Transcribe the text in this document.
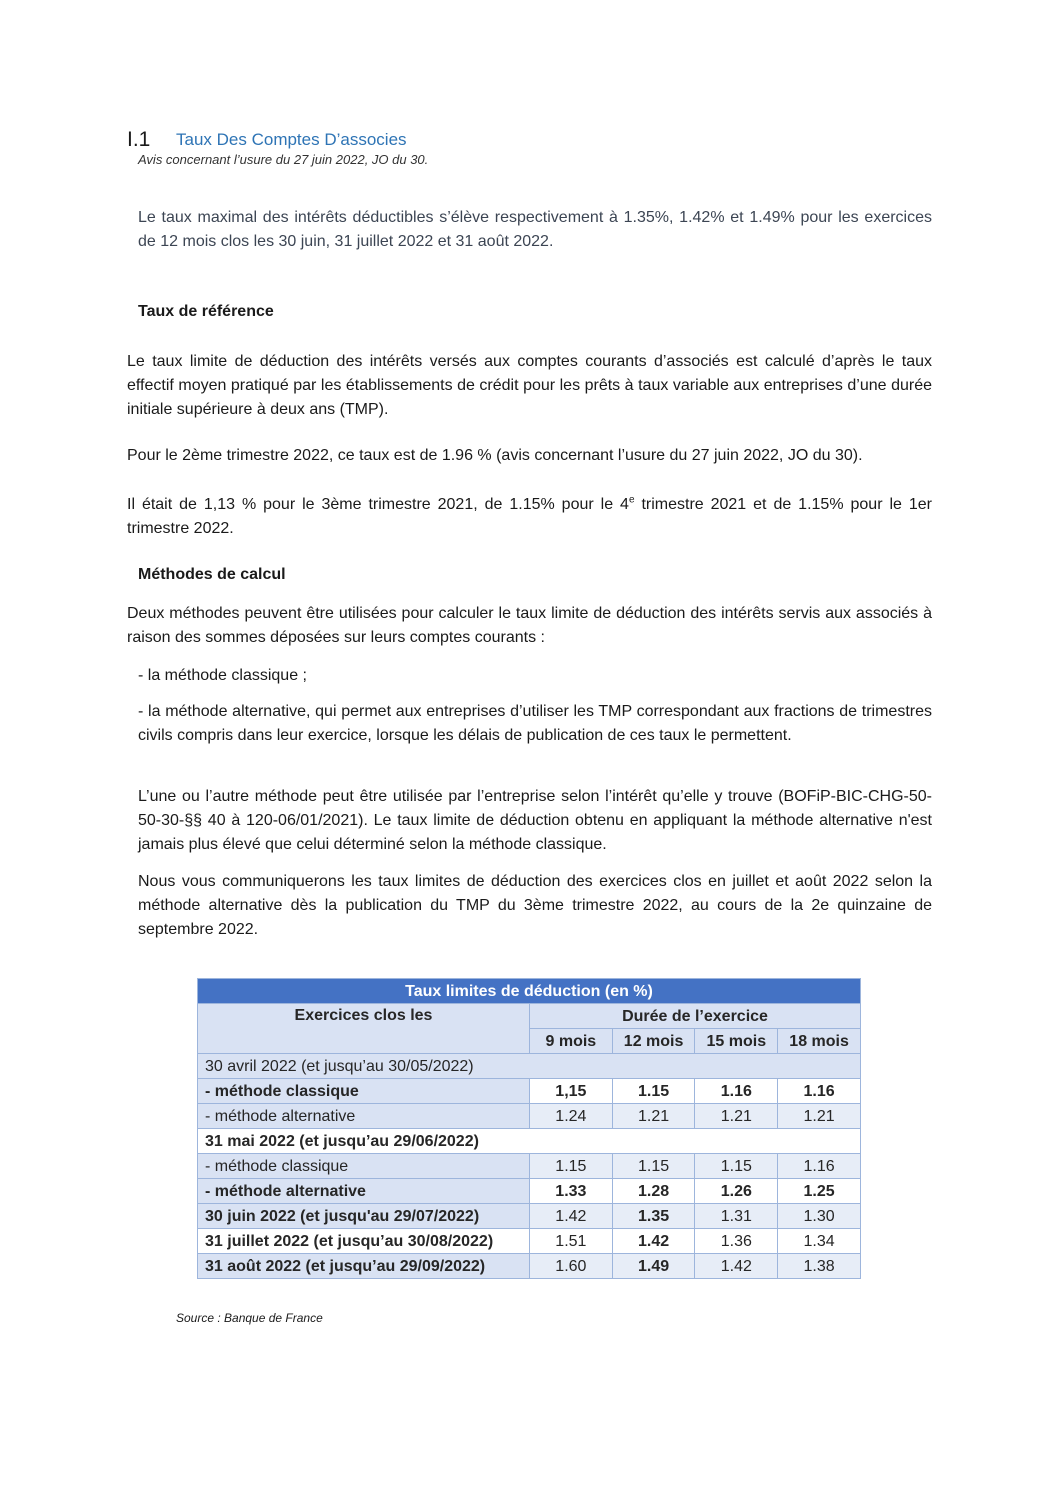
I.1 Taux Des Comptes D’associes
Avis concernant l’usure du 27 juin 2022, JO du 30.

Le taux maximal des intérêts déductibles s’élève respectivement à 1.35%, 1.42% et 1.49% pour les exercices de 12 mois clos les 30 juin, 31 juillet 2022 et 31 août 2022.

Taux de référence

Le taux limite de déduction des intérêts versés aux comptes courants d’associés est calculé d’après le taux effectif moyen pratiqué par les établissements de crédit pour les prêts à taux variable aux entreprises d’une durée initiale supérieure à deux ans (TMP).

Pour le 2ème trimestre 2022, ce taux est de 1.96 % (avis concernant l’usure du 27 juin 2022, JO du 30).

Il était de 1,13 % pour le 3ème trimestre 2021, de 1.15% pour le 4e trimestre 2021 et de 1.15% pour le 1er trimestre 2022.

Méthodes de calcul

Deux méthodes peuvent être utilisées pour calculer le taux limite de déduction des intérêts servis aux associés à raison des sommes déposées sur leurs comptes courants :

- la méthode classique ;

- la méthode alternative, qui permet aux entreprises d’utiliser les TMP correspondant aux fractions de trimestres civils compris dans leur exercice, lorsque les délais de publication de ces taux le permettent.

L’une ou l’autre méthode peut être utilisée par l’entreprise selon l’intérêt qu’elle y trouve (BOFiP-BIC-CHG-50-50-30-§§ 40 à 120-06/01/2021). Le taux limite de déduction obtenu en appliquant la méthode alternative n'est jamais plus élevé que celui déterminé selon la méthode classique.

Nous vous communiquerons les taux limites de déduction des exercices clos en juillet et août 2022 selon la méthode alternative dès la publication du TMP du 3ème trimestre 2022, au cours de la 2e quinzaine de septembre 2022.

Taux limites de déduction (en %)				
Exercices clos les	Durée de l’exercice			
	9 mois	12 mois	15 mois	18 mois
30 avril 2022 (et jusqu’au 30/05/2022)				
- méthode classique	1,15	1.15	1.16	1.16
- méthode alternative	1.24	1.21	1.21	1.21
31 mai 2022 (et jusqu’au 29/06/2022)				
- méthode classique	1.15	1.15	1.15	1.16
- méthode alternative	1.33	1.28	1.26	1.25
30 juin 2022 (et jusqu'au 29/07/2022)	1.42	1.35	1.31	1.30
31 juillet 2022 (et jusqu’au 30/08/2022)	1.51	1.42	1.36	1.34
31 août 2022 (et jusqu’au 29/09/2022)	1.60	1.49	1.42	1.38
Source : Banque de France
